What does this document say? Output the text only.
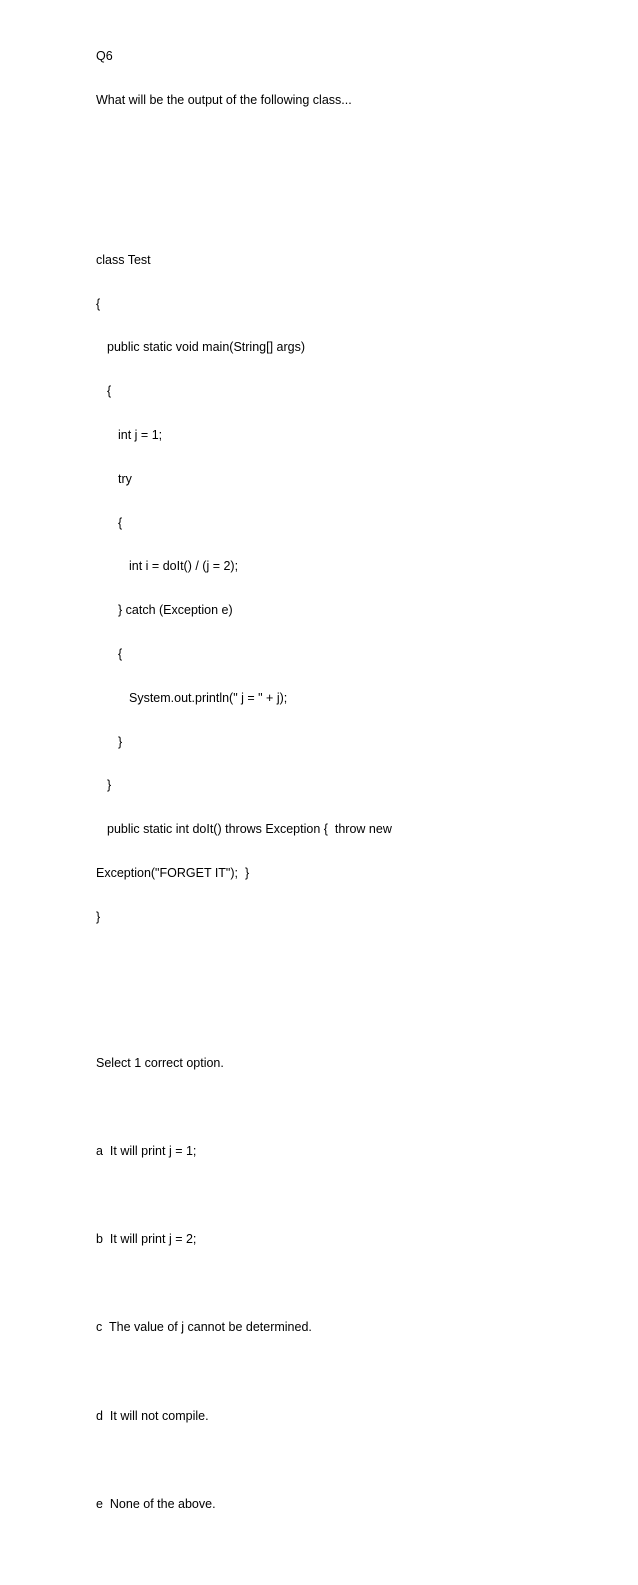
Q6

What will be the output of the following class...

class Test

{

public static void main(String[] args)

{

int j = 1;

try

{

int i = doIt() / (j = 2);

} catch (Exception e)

{

System.out.println(" j = " + j);

}

}

public static int doIt() throws Exception {  throw new

Exception("FORGET IT");  }

}

Select 1 correct option.

a It will print j = 1;

b It will print j = 2;

c The value of j cannot be determined.

d It will not compile.

e None of the above.
